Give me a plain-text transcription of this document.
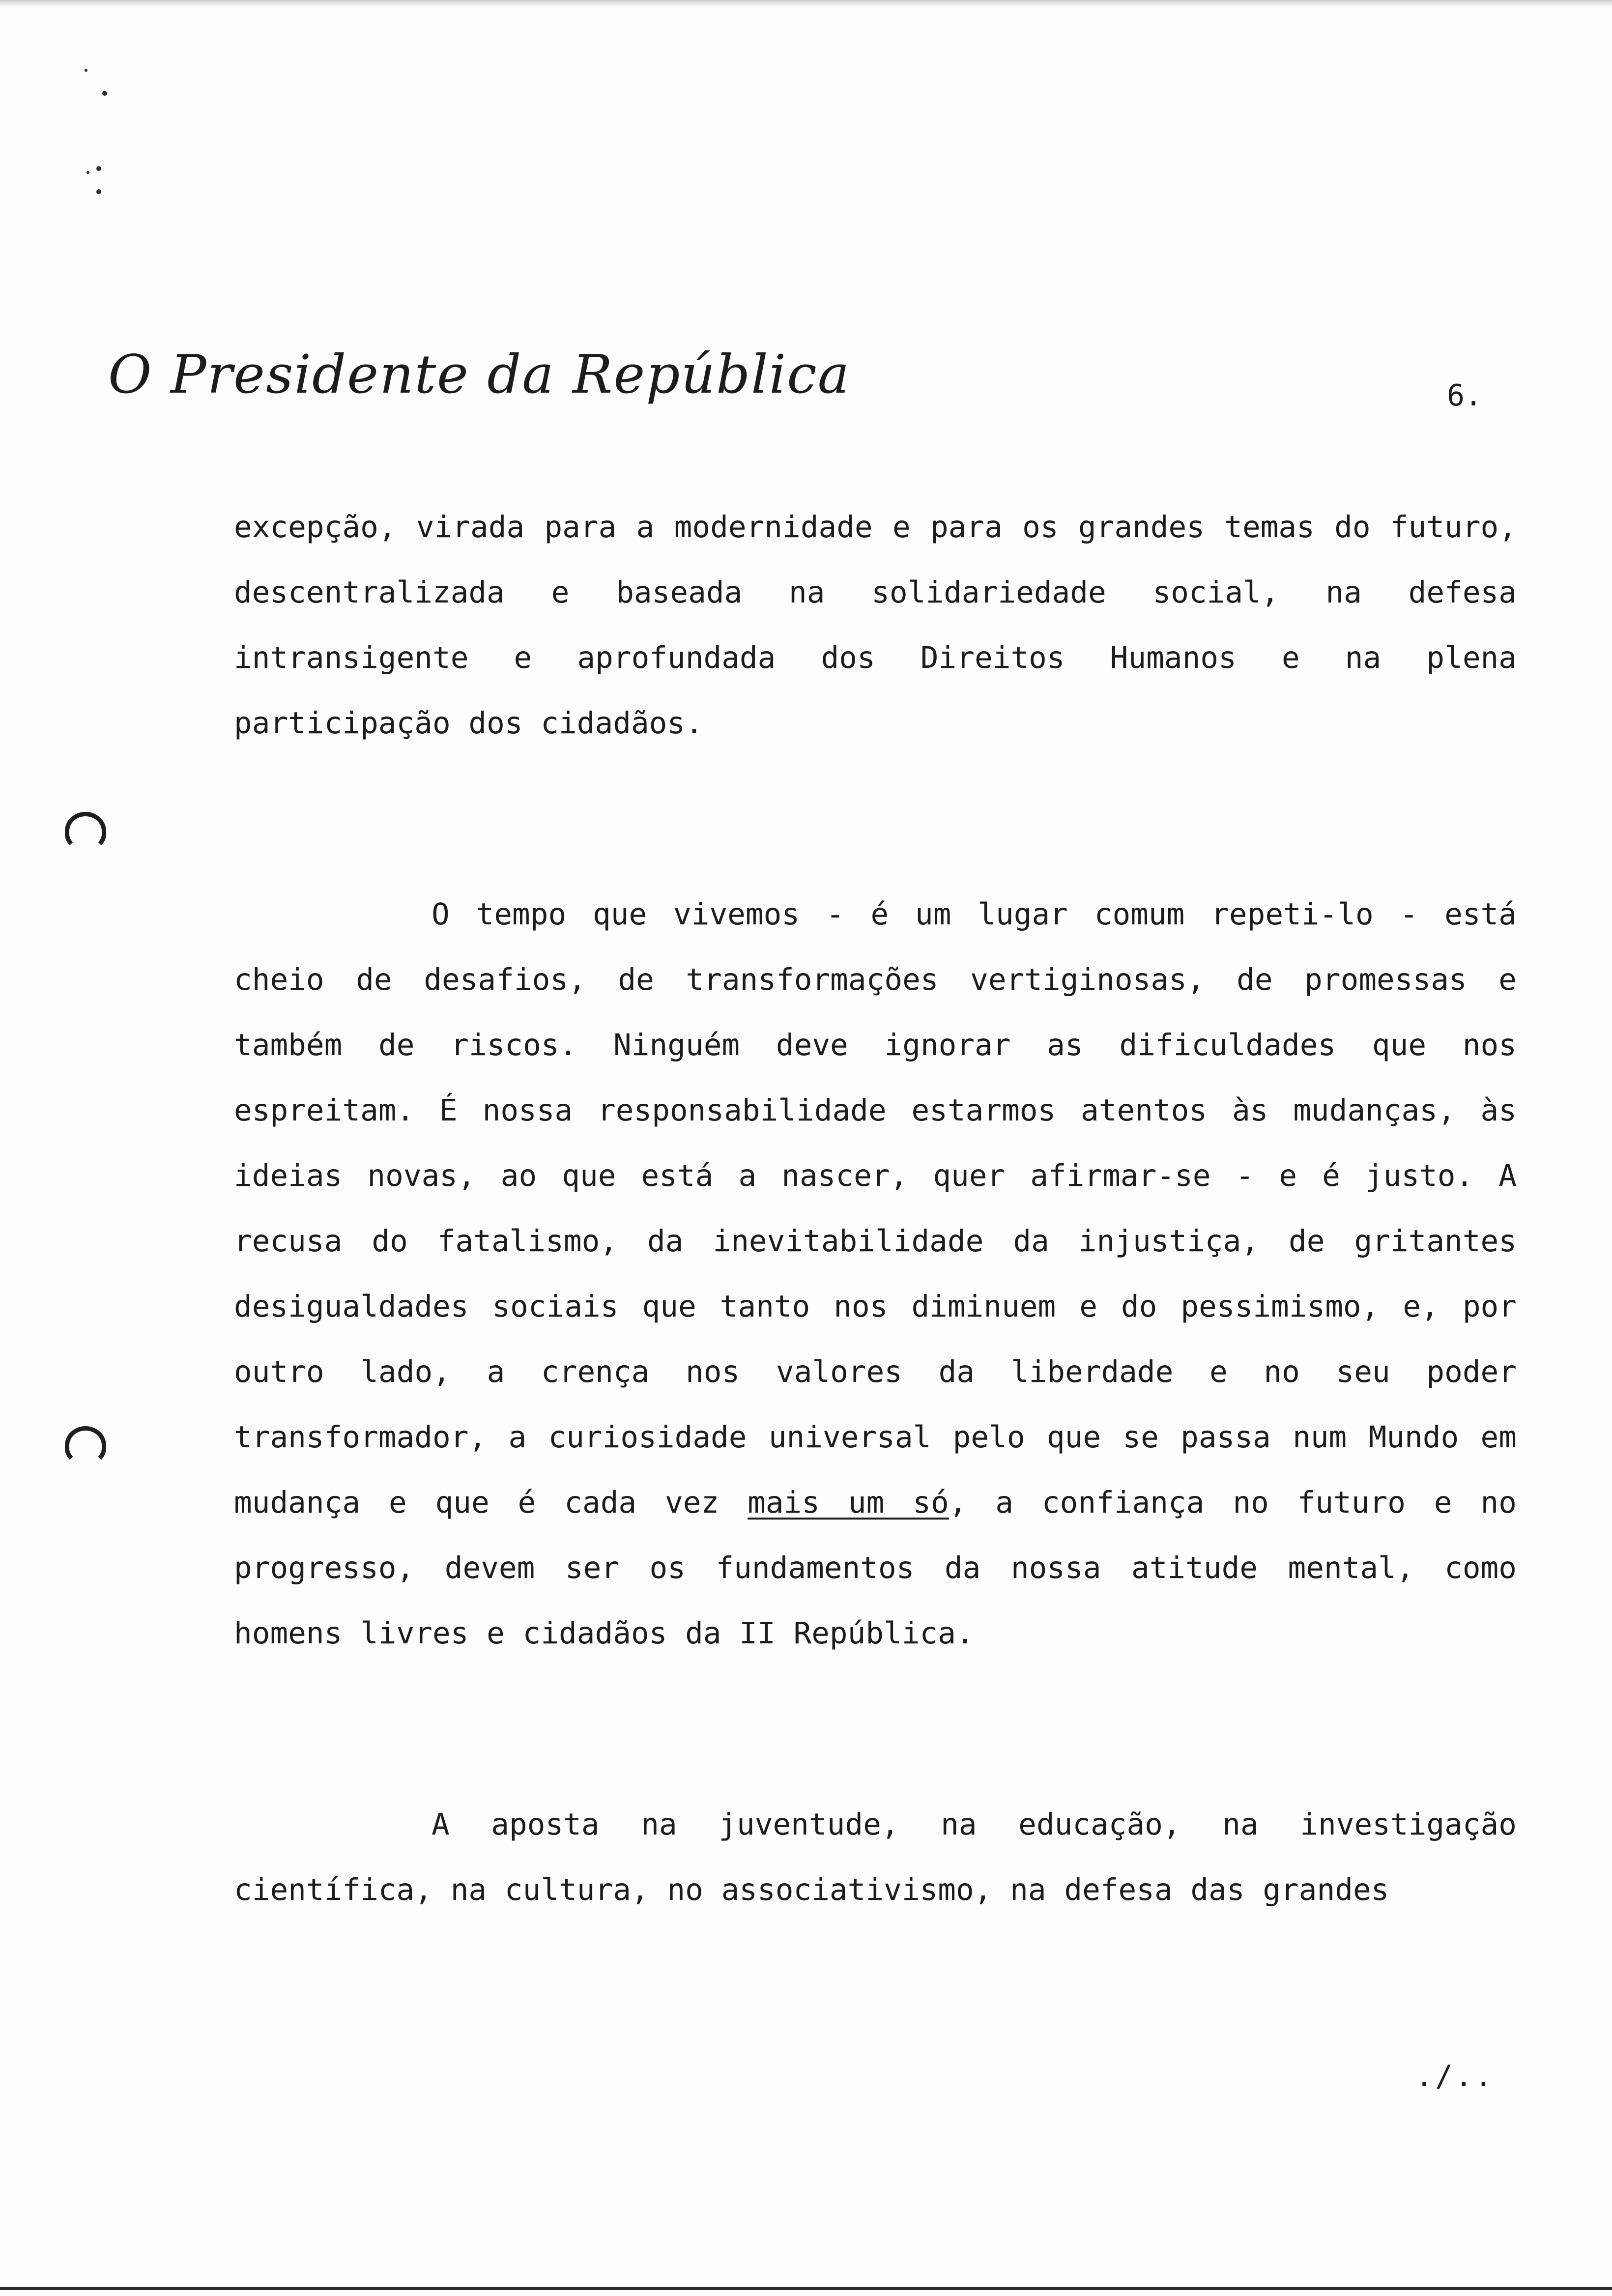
O Presidente da República	6.

excepção, virada para a modernidade e para os grandes temas do futuro, descentralizada e baseada na solidariedade social, na defesa intransigente e aprofundada dos Direitos Humanos e na plena participação dos cidadãos.

O tempo que vivemos - é um lugar comum repeti-lo - está cheio de desafios, de transformações vertiginosas, de promessas e também de riscos. Ninguém deve ignorar as dificuldades que nos espreitam. É nossa responsabilidade estarmos atentos às mudanças, às ideias novas, ao que está a nascer, quer afirmar-se - e é justo. A recusa do fatalismo, da inevitabilidade da injustiça, de gritantes desigualdades sociais que tanto nos diminuem e do pessimismo, e, por outro lado, a crença nos valores da liberdade e no seu poder transformador, a curiosidade universal pelo que se passa num Mundo em mudança e que é cada vez mais um só, a confiança no futuro e no progresso, devem ser os fundamentos da nossa atitude mental, como homens livres e cidadãos da II República.

A aposta na juventude, na educação, na investigação científica, na cultura, no associativismo, na defesa das grandes

./..
